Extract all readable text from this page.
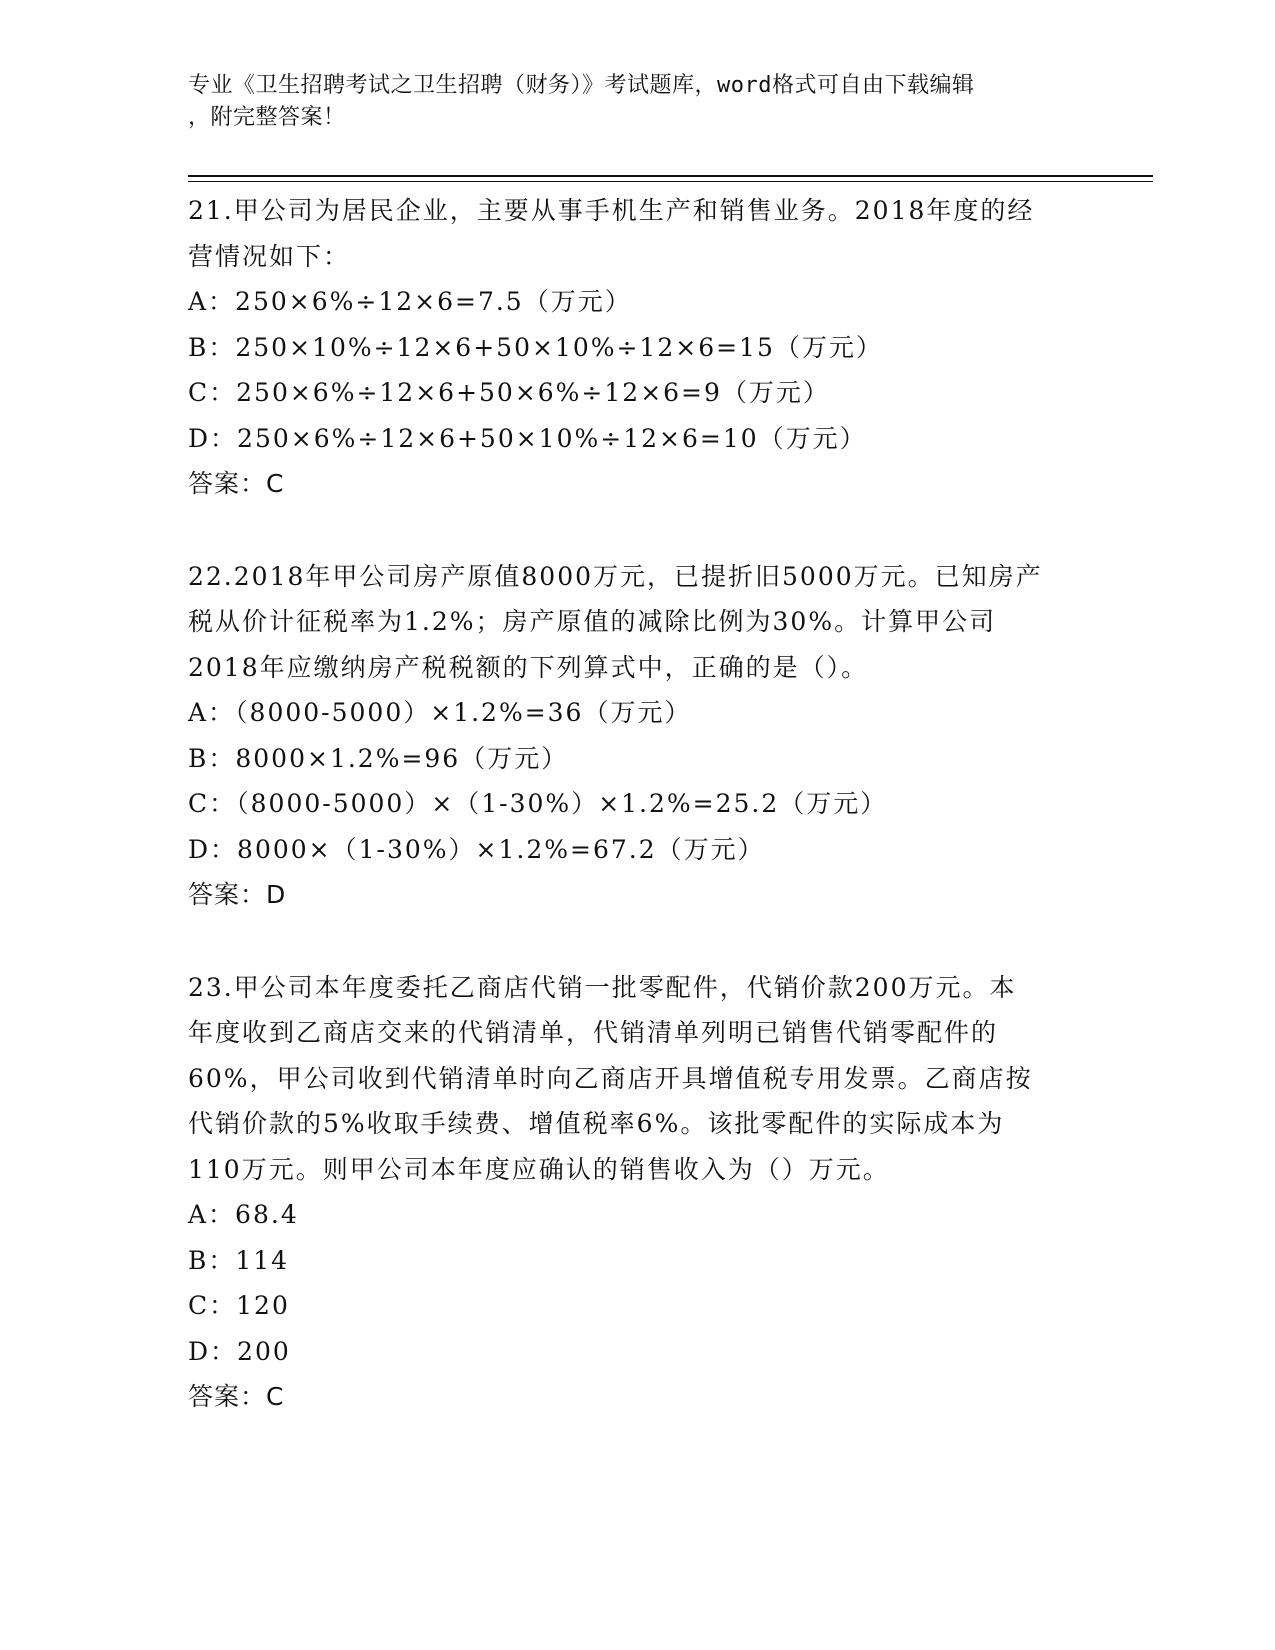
专业《卫生招聘考试之卫生招聘（财务）》考试题库，word格式可自由下载编辑
，附完整答案！
21.甲公司为居民企业，主要从事手机生产和销售业务。2018年度的经
营情况如下：
A：250×6%÷12×6=7.5（万元）
B：250×10%÷12×6+50×10%÷12×6=15（万元）
C：250×6%÷12×6+50×6%÷12×6=9（万元）
D：250×6%÷12×6+50×10%÷12×6=10（万元）
答案：C
22.2018年甲公司房产原值8000万元，已提折旧5000万元。已知房产
税从价计征税率为1.2%；房产原值的减除比例为30%。计算甲公司
2018年应缴纳房产税税额的下列算式中，正确的是（）。
A：（8000-5000）×1.2%=36（万元）
B：8000×1.2%=96（万元）
C：（8000-5000）×（1-30%）×1.2%=25.2（万元）
D：8000×（1-30%）×1.2%=67.2（万元）
答案：D
23.甲公司本年度委托乙商店代销一批零配件，代销价款200万元。本
年度收到乙商店交来的代销清单，代销清单列明已销售代销零配件的
60%，甲公司收到代销清单时向乙商店开具增值税专用发票。乙商店按
代销价款的5%收取手续费、增值税率6%。该批零配件的实际成本为
110万元。则甲公司本年度应确认的销售收入为（）万元。
A：68.4
B：114
C：120
D：200
答案：C
